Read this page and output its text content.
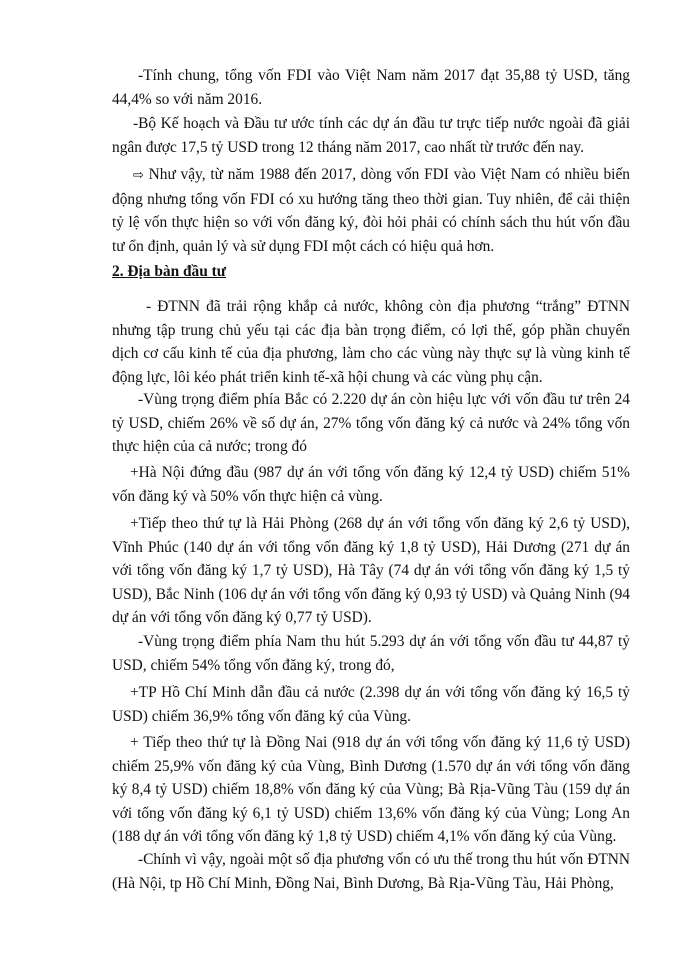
-Tính chung, tổng vốn FDI vào Việt Nam năm 2017 đạt 35,88 tỷ USD, tăng 44,4% so với năm 2016.

-Bộ Kế hoạch và Đầu tư ước tính các dự án đầu tư trực tiếp nước ngoài đã giải ngân được 17,5 tỷ USD trong 12 tháng năm 2017, cao nhất từ trước đến nay.

⇨ Như vậy, từ năm 1988 đến 2017, dòng vốn FDI vào Việt Nam có nhiều biến động nhưng tổng vốn FDI có xu hướng tăng theo thời gian. Tuy nhiên, để cải thiện tỷ lệ vốn thực hiện so với vốn đăng ký, đòi hỏi phải có chính sách thu hút vốn đầu tư ổn định, quản lý và sử dụng FDI một cách có hiệu quả hơn.

2. Địa bàn đầu tư

- ĐTNN đã trải rộng khắp cả nước, không còn địa phương “trắng” ĐTNN nhưng tập trung chủ yếu tại các địa bàn trọng điểm, có lợi thế, góp phần chuyển dịch cơ cấu kinh tế của địa phương, làm cho các vùng này thực sự là vùng kinh tế động lực, lôi kéo phát triển kinh tế-xã hội chung và các vùng phụ cận.

-Vùng trọng điểm phía Bắc có 2.220 dự án còn hiệu lực với vốn đầu tư trên 24 tỷ USD, chiếm 26% về số dự án, 27% tổng vốn đăng ký cả nước và 24% tổng vốn thực hiện của cả nước; trong đó

+Hà Nội đứng đầu (987 dự án với tổng vốn đăng ký 12,4 tỷ USD) chiếm 51% vốn đăng ký và 50% vốn thực hiện cả vùng.

+Tiếp theo thứ tự là Hải Phòng (268 dự án với tổng vốn đăng ký 2,6 tỷ USD), Vĩnh Phúc (140 dự án với tổng vốn đăng ký 1,8 tỷ USD), Hải Dương (271 dự án với tổng vốn đăng ký 1,7 tỷ USD), Hà Tây (74 dự án với tổng vốn đăng ký 1,5 tỷ USD), Bắc Ninh (106 dự án với tổng vốn đăng ký 0,93 tỷ USD) và Quảng Ninh (94 dự án với tổng vốn đăng ký 0,77 tỷ USD).

-Vùng trọng điểm phía Nam thu hút 5.293 dự án với tổng vốn đầu tư 44,87 tỷ USD, chiếm 54% tổng vốn đăng ký, trong đó,

+TP Hồ Chí Minh dẫn đầu cả nước (2.398 dự án với tổng vốn đăng ký 16,5 tỷ USD) chiếm 36,9% tổng vốn đăng ký của Vùng.

+ Tiếp theo thứ tự là Đồng Nai (918 dự án với tổng vốn đăng ký 11,6 tỷ USD) chiếm 25,9% vốn đăng ký của Vùng, Bình Dương (1.570 dự án với tổng vốn đăng ký 8,4 tỷ USD) chiếm 18,8% vốn đăng ký của Vùng; Bà Rịa-Vũng Tàu (159 dự án với tổng vốn đăng ký 6,1 tỷ USD) chiếm 13,6% vốn đăng ký của Vùng; Long An (188 dự án với tổng vốn đăng ký 1,8 tỷ USD) chiếm 4,1% vốn đăng ký của Vùng.

-Chính vì vậy, ngoài một số địa phương vốn có ưu thế trong thu hút vốn ĐTNN (Hà Nội, tp Hồ Chí Minh, Đồng Nai, Bình Dương, Bà Rịa-Vũng Tàu, Hải Phòng,
